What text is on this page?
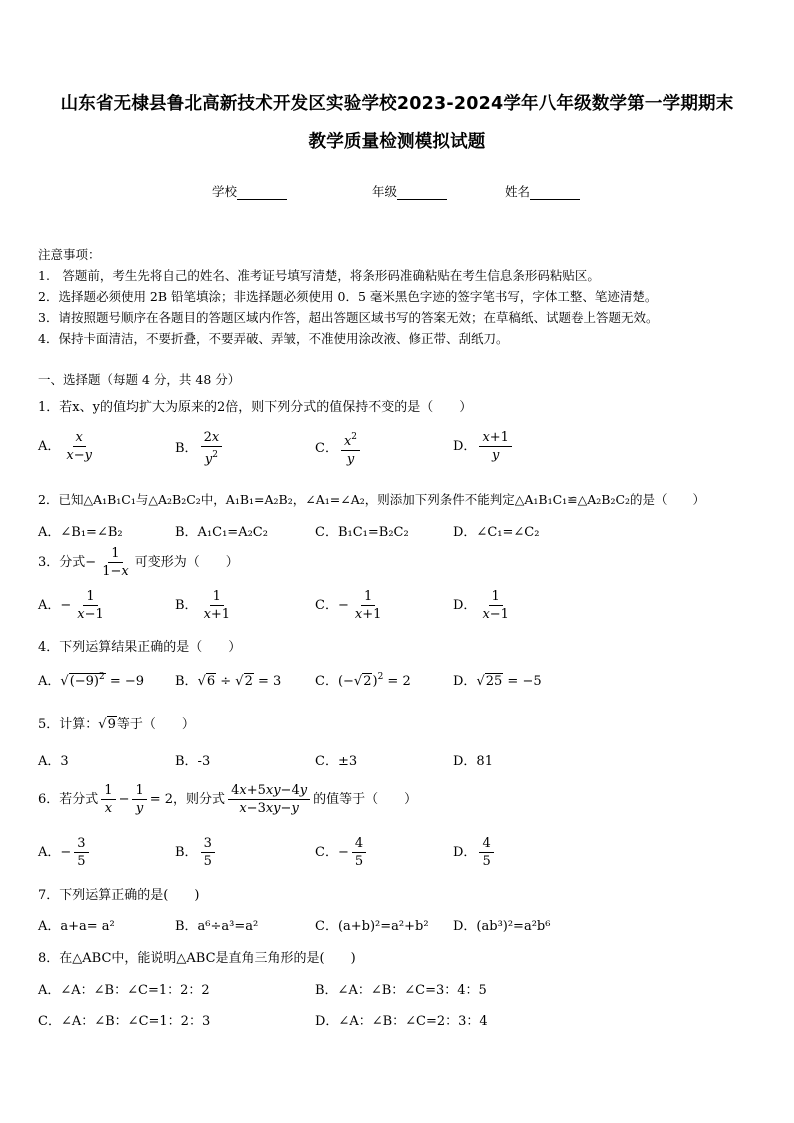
山东省无棣县鲁北高新技术开发区实验学校2023-2024学年八年级数学第一学期期末
教学质量检测模拟试题
学校	年级	姓名
注意事项：
1.　答题前，考生先将自己的姓名、准考证号填写清楚，将条形码准确粘贴在考生信息条形码粘贴区。
2．选择题必须使用 2B 铅笔填涂；非选择题必须使用 0．5 毫米黑色字迹的签字笔书写，字体工整、笔迹清楚。
3．请按照题号顺序在各题目的答题区域内作答，超出答题区域书写的答案无效；在草稿纸、试题卷上答题无效。
4．保持卡面清洁，不要折叠，不要弄破、弄皱，不准使用涂改液、修正带、刮纸刀。
一、选择题（每题 4 分，共 48 分）
1．若x、y的值均扩大为原来的2倍，则下列分式的值保持不变的是（　　）
A． $\frac{x}{x-y}$	B． $\frac{2x}{y^2}$	C． $\frac{x^2}{y}$	D． $\frac{x+1}{y}$
2．已知△A₁B₁C₁与△A₂B₂C₂中，A₁B₁=A₂B₂，∠A₁=∠A₂，则添加下列条件不能判定△A₁B₁C₁≌△A₂B₂C₂的是（　　）
A．∠B₁=∠B₂	B．A₁C₁=A₂C₂	C．B₁C₁=B₂C₂	D．∠C₁=∠C₂
3．分式− $\frac{1}{1-x}$ 可变形为（　　）
A．− $\frac{1}{x-1}$	B． $\frac{1}{x+1}$	C．− $\frac{1}{x+1}$	D． $\frac{1}{x-1}$
4．下列运算结果正确的是（　　）
A．$√(-9)^2 = -9$ B．√6 ÷ √2 = 3	C．$(-√2)^2 = 2$	D．√25 = −5
5．计算：√9等于（　　）
A．3	B．-3	C．±3	D．81
6．若分式 $\frac{1}{x} - \frac{1}{y} = 2$，则分式 $\frac{4x+5xy-4y}{x-3xy-y}$ 的值等于（　　）
A．− $\frac{3}{5}$	B． $\frac{3}{5}$	C．− $\frac{4}{5}$	D． $\frac{4}{5}$
7．下列运算正确的是(　　)
A．a+a= a²	B．a⁶÷a³=a²	C．(a+b)²=a²+b² D．(ab³)²=a²b⁶
8．在△ABC中，能说明△ABC是直角三角形的是(　　)
A．∠A：∠B：∠C=1：2：2	B．∠A：∠B：∠C=3：4：5
C．∠A：∠B：∠C=1：2：3	D．∠A：∠B：∠C=2：3：4
